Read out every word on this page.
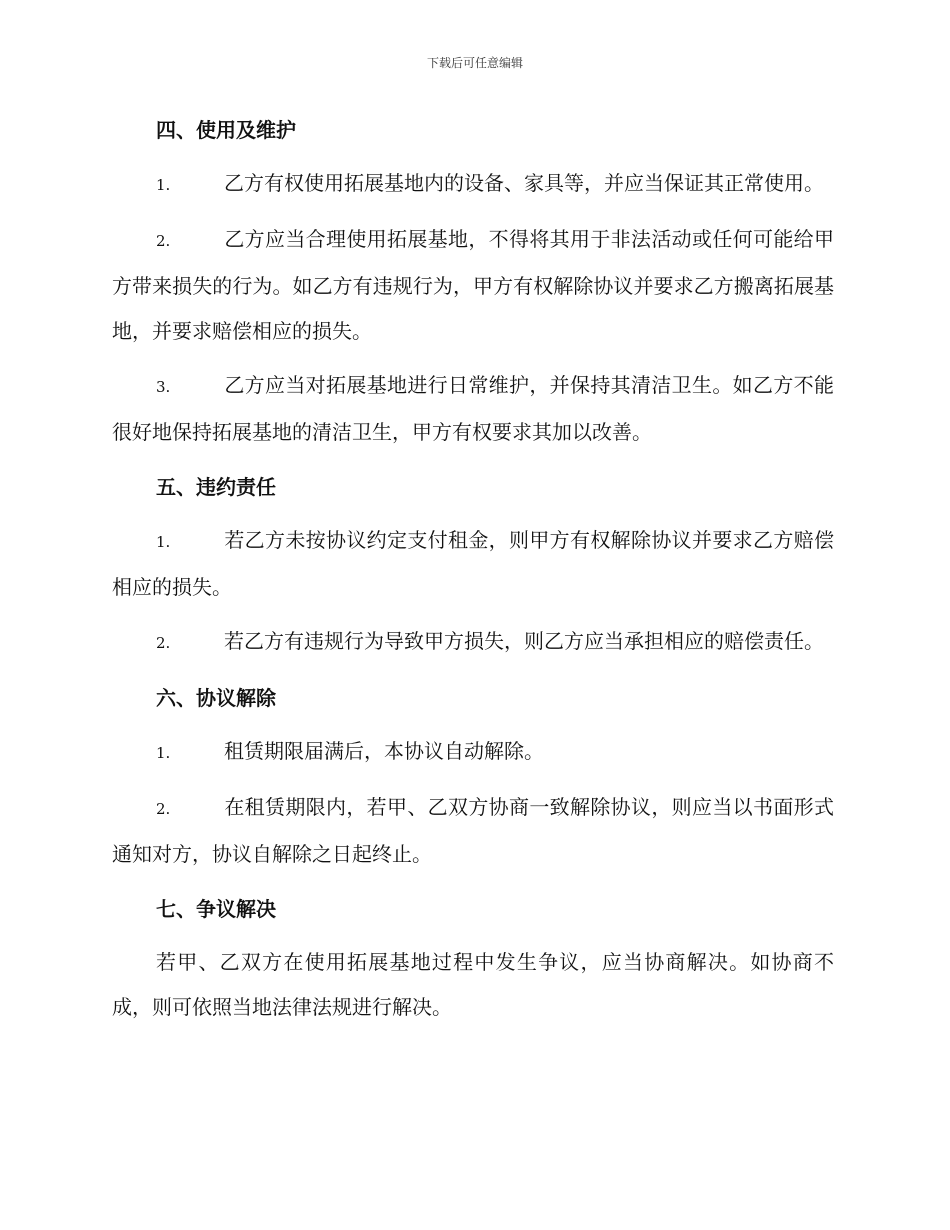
下载后可任意编辑
四、使用及维护

1.	乙方有权使用拓展基地内的设备、家具等，并应当保证其正常使用。

2.	乙方应当合理使用拓展基地，不得将其用于非法活动或任何可能给甲方带来损失的行为。如乙方有违规行为，甲方有权解除协议并要求乙方搬离拓展基地，并要求赔偿相应的损失。

3.	乙方应当对拓展基地进行日常维护，并保持其清洁卫生。如乙方不能很好地保持拓展基地的清洁卫生，甲方有权要求其加以改善。

五、违约责任

1.	若乙方未按协议约定支付租金，则甲方有权解除协议并要求乙方赔偿相应的损失。

2.	若乙方有违规行为导致甲方损失，则乙方应当承担相应的赔偿责任。

六、协议解除

1.	租赁期限届满后，本协议自动解除。

2.	在租赁期限内，若甲、乙双方协商一致解除协议，则应当以书面形式通知对方，协议自解除之日起终止。

七、争议解决

若甲、乙双方在使用拓展基地过程中发生争议，应当协商解决。如协商不成，则可依照当地法律法规进行解决。
